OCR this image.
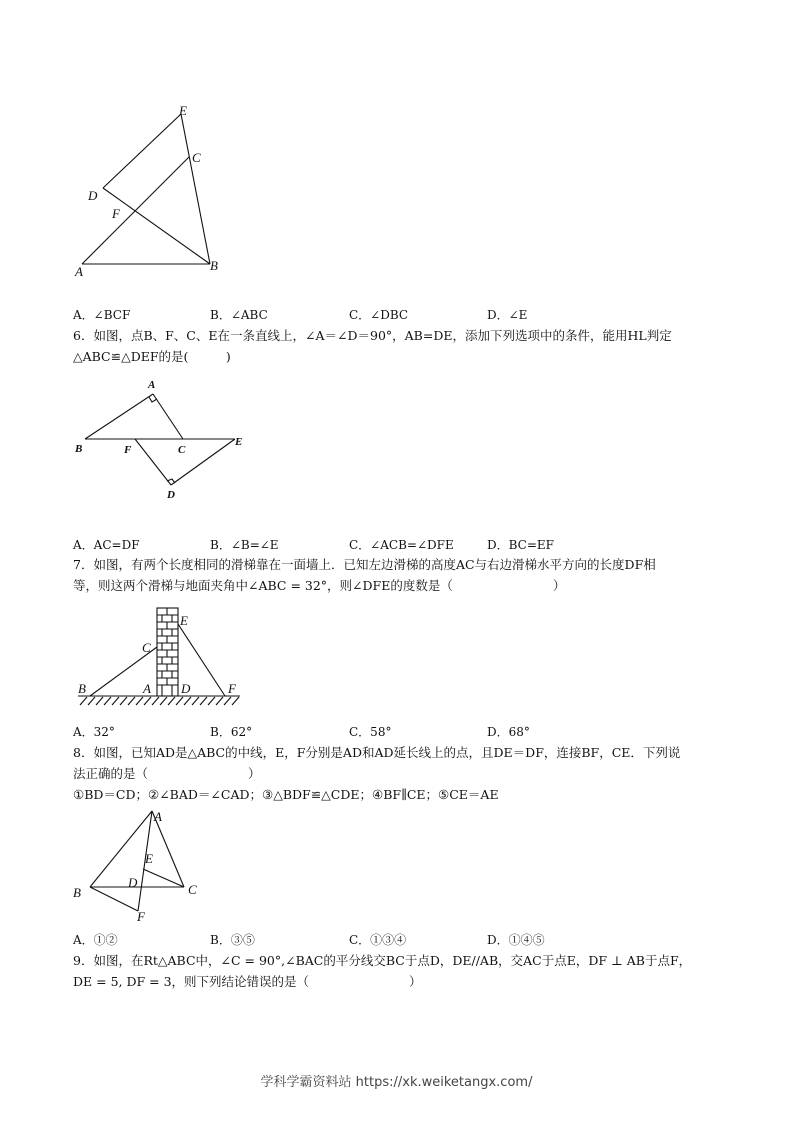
E
C
D
F
A	B
A．∠BCF	B．∠ABC	C．∠DBC	D．∠E
6．如图，点B、F、C、E在一条直线上，∠A＝∠D＝90°，AB=DE，添加下列选项中的条件，能用HL判定
△ABC≌△DEF的是(　　　)
A
B	F	C
E
D
A．AC=DF	B．∠B=∠E	C．∠ACB=∠DFE	D．BC=EF
7．如图，有两个长度相同的滑梯靠在一面墙上．已知左边滑梯的高度AC与右边滑梯水平方向的长度DF相
等，则这两个滑梯与地面夹角中∠ABC = 32°，则∠DFE的度数是（　　　　　　　　）
E
C
B	A D	F
A．32°	B．62°	C．58°	D．68°
8．如图，已知AD是△ABC的中线，E，F分别是AD和AD延长线上的点，且DE＝DF，连接BF，CE．下列说
法正确的是（　　　　　　　　）
①BD＝CD；②∠BAD＝∠CAD；③△BDF≌△CDE；④BF∥CE；⑤CE＝AE
A
E
D
B	C
F
A．①②	B．③⑤	C．①③④	D．①④⑤
9．如图，在Rt△ABC中，∠C = 90°,∠BAC的平分线交BC于点D，DE//AB，交AC于点E，DF ⊥ AB于点F，
DE = 5, DF = 3，则下列结论错误的是（　　　　　　　　）
学科学霸资料站 https://xk.weiketangx.com/
